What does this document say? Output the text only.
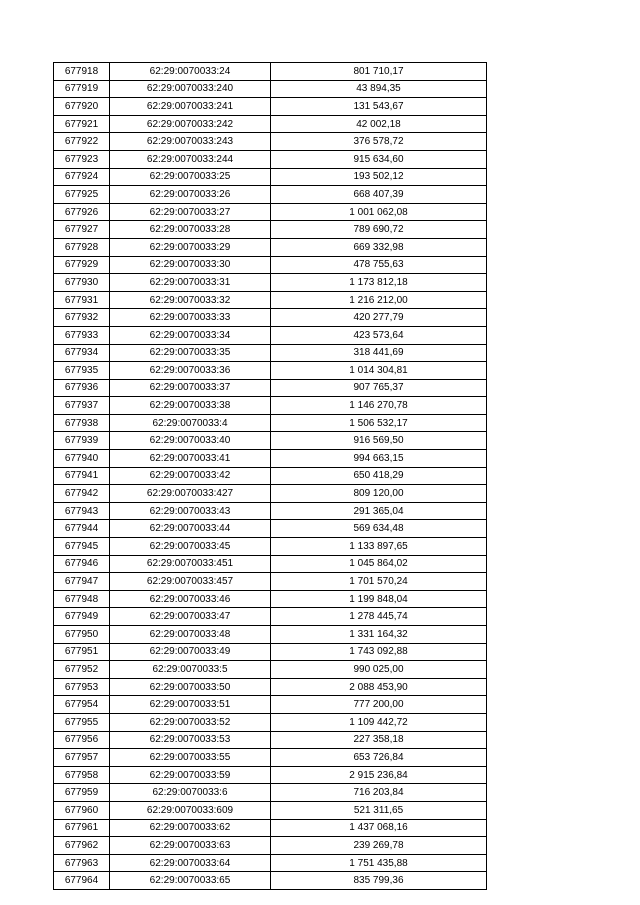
677918	62:29:0070033:24	801 710,17
677919	62:29:0070033:240	43 894,35
677920	62:29:0070033:241	131 543,67
677921	62:29:0070033:242	42 002,18
677922	62:29:0070033:243	376 578,72
677923	62:29:0070033:244	915 634,60
677924	62:29:0070033:25	193 502,12
677925	62:29:0070033:26	668 407,39
677926	62:29:0070033:27	1 001 062,08
677927	62:29:0070033:28	789 690,72
677928	62:29:0070033:29	669 332,98
677929	62:29:0070033:30	478 755,63
677930	62:29:0070033:31	1 173 812,18
677931	62:29:0070033:32	1 216 212,00
677932	62:29:0070033:33	420 277,79
677933	62:29:0070033:34	423 573,64
677934	62:29:0070033:35	318 441,69
677935	62:29:0070033:36	1 014 304,81
677936	62:29:0070033:37	907 765,37
677937	62:29:0070033:38	1 146 270,78
677938	62:29:0070033:4	1 506 532,17
677939	62:29:0070033:40	916 569,50
677940	62:29:0070033:41	994 663,15
677941	62:29:0070033:42	650 418,29
677942	62:29:0070033:427	809 120,00
677943	62:29:0070033:43	291 365,04
677944	62:29:0070033:44	569 634,48
677945	62:29:0070033:45	1 133 897,65
677946	62:29:0070033:451	1 045 864,02
677947	62:29:0070033:457	1 701 570,24
677948	62:29:0070033:46	1 199 848,04
677949	62:29:0070033:47	1 278 445,74
677950	62:29:0070033:48	1 331 164,32
677951	62:29:0070033:49	1 743 092,88
677952	62:29:0070033:5	990 025,00
677953	62:29:0070033:50	2 088 453,90
677954	62:29:0070033:51	777 200,00
677955	62:29:0070033:52	1 109 442,72
677956	62:29:0070033:53	227 358,18
677957	62:29:0070033:55	653 726,84
677958	62:29:0070033:59	2 915 236,84
677959	62:29:0070033:6	716 203,84
677960	62:29:0070033:609	521 311,65
677961	62:29:0070033:62	1 437 068,16
677962	62:29:0070033:63	239 269,78
677963	62:29:0070033:64	1 751 435,88
677964	62:29:0070033:65	835 799,36
